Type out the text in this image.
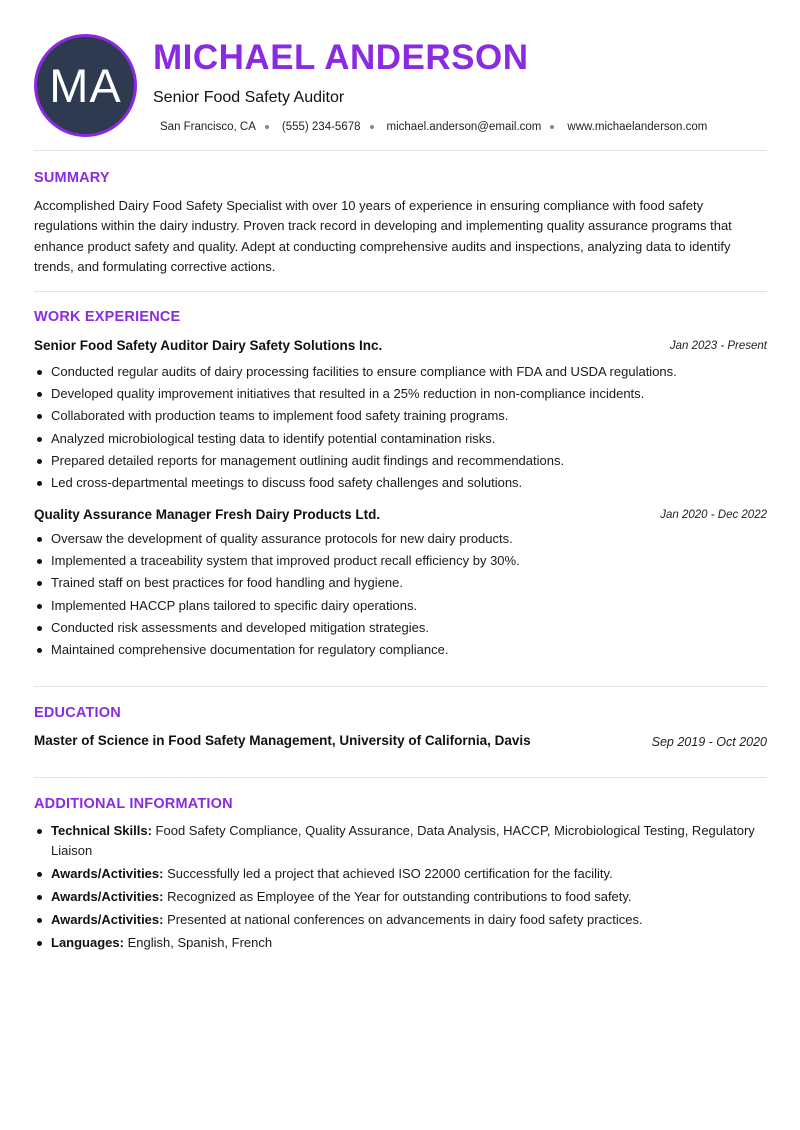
MA
MICHAEL ANDERSON
Senior Food Safety Auditor
San Francisco, CA (555) 234-5678 michael.anderson@email.com www.michaelanderson.com
SUMMARY
Accomplished Dairy Food Safety Specialist with over 10 years of experience in ensuring compliance with food safety regulations within the dairy industry. Proven track record in developing and implementing quality assurance programs that enhance product safety and quality. Adept at conducting comprehensive audits and inspections, analyzing data to identify trends, and formulating corrective actions.
WORK EXPERIENCE
Senior Food Safety Auditor Dairy Safety Solutions Inc.	Jan 2023 - Present
Conducted regular audits of dairy processing facilities to ensure compliance with FDA and USDA regulations.
Developed quality improvement initiatives that resulted in a 25% reduction in non-compliance incidents.
Collaborated with production teams to implement food safety training programs.
Analyzed microbiological testing data to identify potential contamination risks.
Prepared detailed reports for management outlining audit findings and recommendations.
Led cross-departmental meetings to discuss food safety challenges and solutions.
Quality Assurance Manager Fresh Dairy Products Ltd.	Jan 2020 - Dec 2022
Oversaw the development of quality assurance protocols for new dairy products.
Implemented a traceability system that improved product recall efficiency by 30%.
Trained staff on best practices for food handling and hygiene.
Implemented HACCP plans tailored to specific dairy operations.
Conducted risk assessments and developed mitigation strategies.
Maintained comprehensive documentation for regulatory compliance.
EDUCATION
Master of Science in Food Safety Management, University of California, Davis	Sep 2019 - Oct 2020
ADDITIONAL INFORMATION
Technical Skills: Food Safety Compliance, Quality Assurance, Data Analysis, HACCP, Microbiological Testing, Regulatory Liaison
Awards/Activities: Successfully led a project that achieved ISO 22000 certification for the facility.
Awards/Activities: Recognized as Employee of the Year for outstanding contributions to food safety.
Awards/Activities: Presented at national conferences on advancements in dairy food safety practices.
Languages: English, Spanish, French
